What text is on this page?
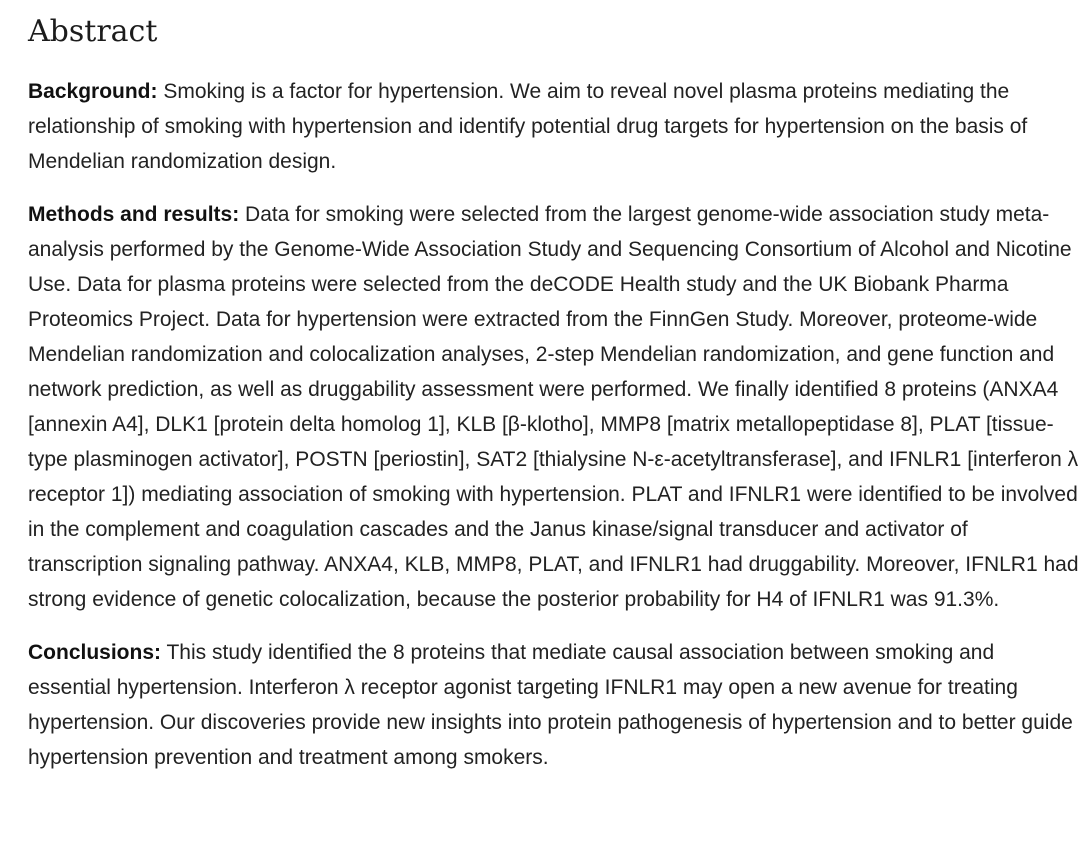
Abstract

Background: Smoking is a factor for hypertension. We aim to reveal novel plasma proteins mediating the relationship of smoking with hypertension and identify potential drug targets for hypertension on the basis of Mendelian randomization design.

Methods and results: Data for smoking were selected from the largest genome-wide association study meta-analysis performed by the Genome-Wide Association Study and Sequencing Consortium of Alcohol and Nicotine Use. Data for plasma proteins were selected from the deCODE Health study and the UK Biobank Pharma Proteomics Project. Data for hypertension were extracted from the FinnGen Study. Moreover, proteome-wide Mendelian randomization and colocalization analyses, 2-step Mendelian randomization, and gene function and network prediction, as well as druggability assessment were performed. We finally identified 8 proteins (ANXA4 [annexin A4], DLK1 [protein delta homolog 1], KLB [β-klotho], MMP8 [matrix metallopeptidase 8], PLAT [tissue-type plasminogen activator], POSTN [periostin], SAT2 [thialysine N-ε-acetyltransferase], and IFNLR1 [interferon λ receptor 1]) mediating association of smoking with hypertension. PLAT and IFNLR1 were identified to be involved in the complement and coagulation cascades and the Janus kinase/signal transducer and activator of transcription signaling pathway. ANXA4, KLB, MMP8, PLAT, and IFNLR1 had druggability. Moreover, IFNLR1 had strong evidence of genetic colocalization, because the posterior probability for H4 of IFNLR1 was 91.3%.

Conclusions: This study identified the 8 proteins that mediate causal association between smoking and essential hypertension. Interferon λ receptor agonist targeting IFNLR1 may open a new avenue for treating hypertension. Our discoveries provide new insights into protein pathogenesis of hypertension and to better guide hypertension prevention and treatment among smokers.
